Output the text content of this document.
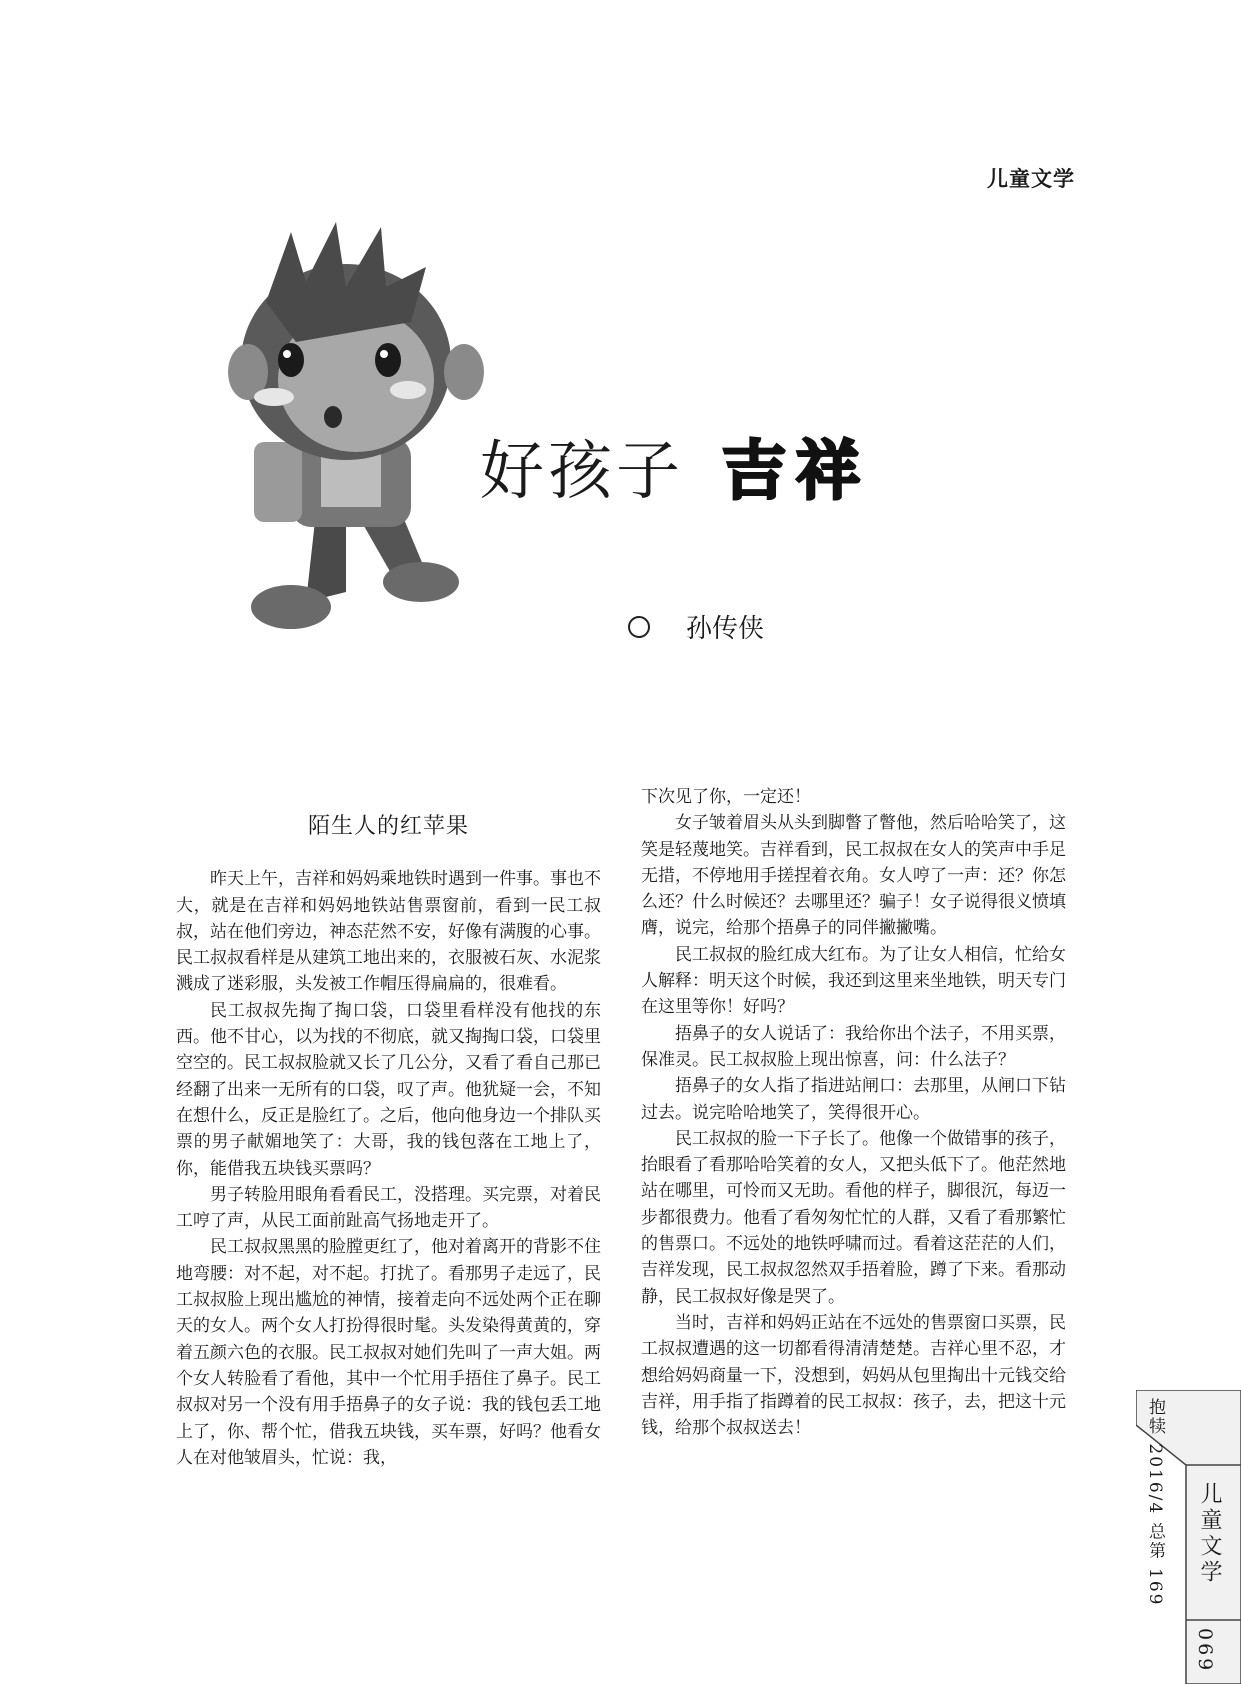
儿童文学
好孩子 吉祥
孙传侠
陌生人的红苹果

昨天上午，吉祥和妈妈乘地铁时遇到一件事。事也不大，就是在吉祥和妈妈地铁站售票窗前，看到一民工叔叔，站在他们旁边，神态茫然不安，好像有满腹的心事。民工叔叔看样是从建筑工地出来的，衣服被石灰、水泥浆溅成了迷彩服，头发被工作帽压得扁扁的，很难看。

民工叔叔先掏了掏口袋，口袋里看样没有他找的东西。他不甘心，以为找的不彻底，就又掏掏口袋，口袋里空空的。民工叔叔脸就又长了几公分，又看了看自己那已经翻了出来一无所有的口袋，叹了声。他犹疑一会，不知在想什么，反正是脸红了。之后，他向他身边一个排队买票的男子献媚地笑了：大哥，我的钱包落在工地上了，你，能借我五块钱买票吗？

男子转脸用眼角看看民工，没搭理。买完票，对着民工哼了声，从民工面前趾高气扬地走开了。

民工叔叔黑黑的脸膛更红了，他对着离开的背影不住地弯腰：对不起，对不起。打扰了。看那男子走远了，民工叔叔脸上现出尴尬的神情，接着走向不远处两个正在聊天的女人。两个女人打扮得很时髦。头发染得黄黄的，穿着五颜六色的衣服。民工叔叔对她们先叫了一声大姐。两个女人转脸看了看他，其中一个忙用手捂住了鼻子。民工叔叔对另一个没有用手捂鼻子的女子说：我的钱包丢工地上了，你、帮个忙，借我五块钱，买车票，好吗？他看女人在对他皱眉头，忙说：我，

下次见了你，一定还！

女子皱着眉头从头到脚瞥了瞥他，然后哈哈笑了，这笑是轻蔑地笑。吉祥看到，民工叔叔在女人的笑声中手足无措，不停地用手搓捏着衣角。女人哼了一声：还？你怎么还？什么时候还？去哪里还？骗子！女子说得很义愤填膺，说完，给那个捂鼻子的同伴撇撇嘴。

民工叔叔的脸红成大红布。为了让女人相信，忙给女人解释：明天这个时候，我还到这里来坐地铁，明天专门在这里等你！好吗？

捂鼻子的女人说话了：我给你出个法子，不用买票，保准灵。民工叔叔脸上现出惊喜，问：什么法子？

捂鼻子的女人指了指进站闸口：去那里，从闸口下钻过去。说完哈哈地笑了，笑得很开心。

民工叔叔的脸一下子长了。他像一个做错事的孩子，抬眼看了看那哈哈笑着的女人，又把头低下了。他茫然地站在哪里，可怜而又无助。看他的样子，脚很沉，每迈一步都很费力。他看了看匆匆忙忙的人群，又看了看那繁忙的售票口。不远处的地铁呼啸而过。看着这茫茫的人们，吉祥发现，民工叔叔忽然双手捂着脸，蹲了下来。看那动静，民工叔叔好像是哭了。

当时，吉祥和妈妈正站在不远处的售票窗口买票，民工叔叔遭遇的这一切都看得清清楚楚。吉祥心里不忍，才想给妈妈商量一下，没想到，妈妈从包里掏出十元钱交给吉祥，用手指了指蹲着的民工叔叔：孩子，去，把这十元钱，给那个叔叔送去！	抱犊 2016/4 总第 169 儿童文学
069
